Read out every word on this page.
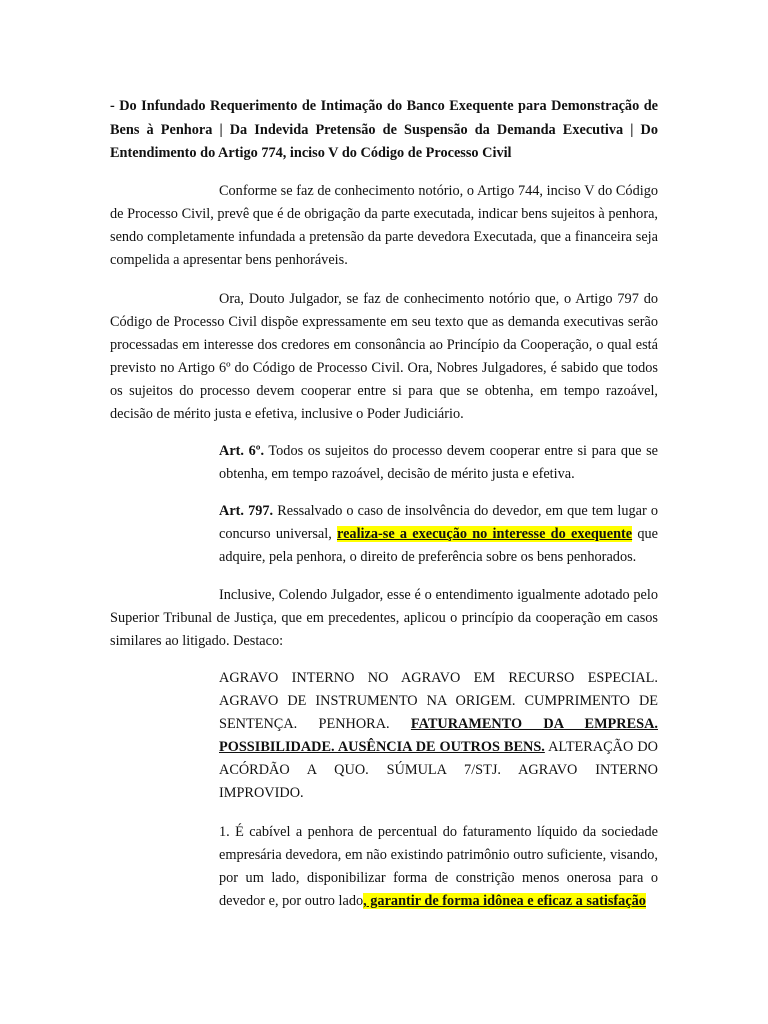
- Do Infundado Requerimento de Intimação do Banco Exequente para Demonstração de Bens à Penhora | Da Indevida Pretensão de Suspensão da Demanda Executiva | Do Entendimento do Artigo 774, inciso V do Código de Processo Civil

Conforme se faz de conhecimento notório, o Artigo 744, inciso V do Código de Processo Civil, prevê que é de obrigação da parte executada, indicar bens sujeitos à penhora, sendo completamente infundada a pretensão da parte devedora Executada, que a financeira seja compelida a apresentar bens penhoráveis.

Ora, Douto Julgador, se faz de conhecimento notório que, o Artigo 797 do Código de Processo Civil dispõe expressamente em seu texto que as demanda executivas serão processadas em interesse dos credores em consonância ao Princípio da Cooperação, o qual está previsto no Artigo 6º do Código de Processo Civil. Ora, Nobres Julgadores, é sabido que todos os sujeitos do processo devem cooperar entre si para que se obtenha, em tempo razoável, decisão de mérito justa e efetiva, inclusive o Poder Judiciário.

Art. 6º. Todos os sujeitos do processo devem cooperar entre si para que se obtenha, em tempo razoável, decisão de mérito justa e efetiva.

Art. 797. Ressalvado o caso de insolvência do devedor, em que tem lugar o concurso universal, realiza-se a execução no interesse do exequente que adquire, pela penhora, o direito de preferência sobre os bens penhorados.

Inclusive, Colendo Julgador, esse é o entendimento igualmente adotado pelo Superior Tribunal de Justiça, que em precedentes, aplicou o princípio da cooperação em casos similares ao litigado. Destaco:

AGRAVO INTERNO NO AGRAVO EM RECURSO ESPECIAL. AGRAVO DE INSTRUMENTO NA ORIGEM. CUMPRIMENTO DE SENTENÇA. PENHORA. FATURAMENTO DA EMPRESA. POSSIBILIDADE. AUSÊNCIA DE OUTROS BENS. ALTERAÇÃO DO ACÓRDÃO A QUO. SÚMULA 7/STJ. AGRAVO INTERNO IMPROVIDO.

1. É cabível a penhora de percentual do faturamento líquido da sociedade empresária devedora, em não existindo patrimônio outro suficiente, visando, por um lado, disponibilizar forma de constrição menos onerosa para o devedor e, por outro lado, garantir de forma idônea e eficaz a satisfação
